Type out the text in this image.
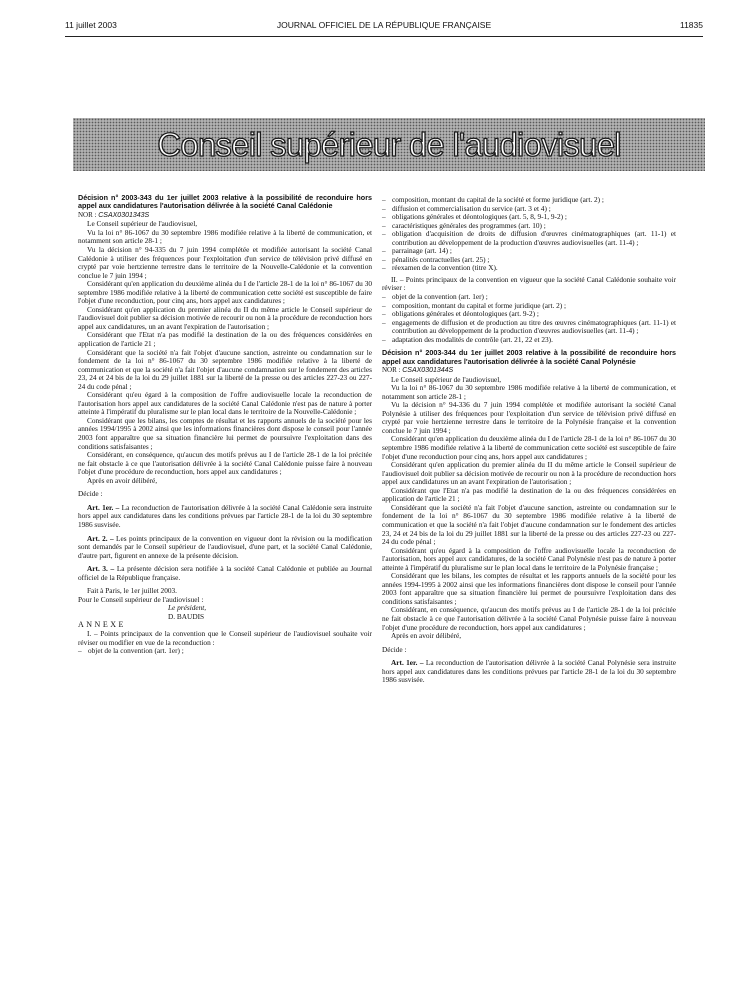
11 juillet 2003	JOURNAL OFFICIEL DE LA RÉPUBLIQUE FRANÇAISE	11835
Conseil supérieur de l'audiovisuel

Décision n° 2003-343 du 1er juillet 2003 relative à la possibilité de reconduire hors appel aux candidatures l'autorisation délivrée à la société Canal Calédonie

NOR : CSAX0301343S

Le Conseil supérieur de l'audiovisuel,

Vu la loi n° 86-1067 du 30 septembre 1986 modifiée relative à la liberté de communication, et notamment son article 28-1 ;

Vu la décision n° 94-335 du 7 juin 1994 complétée et modifiée autorisant la société Canal Calédonie à utiliser des fréquences pour l'exploitation d'un service de télévision privé diffusé en crypté par voie hertzienne terrestre dans le territoire de la Nouvelle-Calédonie et la convention conclue le 7 juin 1994 ;

Considérant qu'en application du deuxième alinéa du I de l'article 28-1 de la loi n° 86-1067 du 30 septembre 1986 modifiée relative à la liberté de communication cette société est susceptible de faire l'objet d'une reconduction, pour cinq ans, hors appel aux candidatures ;

Considérant qu'en application du premier alinéa du II du même article le Conseil supérieur de l'audiovisuel doit publier sa décision motivée de recourir ou non à la procédure de reconduction hors appel aux candidatures, un an avant l'expiration de l'autorisation ;

Considérant que l'Etat n'a pas modifié la destination de la ou des fréquences considérées en application de l'article 21 ;

Considérant que la société n'a fait l'objet d'aucune sanction, astreinte ou condamnation sur le fondement de la loi n° 86-1067 du 30 septembre 1986 modifiée relative à la liberté de communication et que la société n'a fait l'objet d'aucune condamnation sur le fondement des articles 23, 24 et 24 bis de la loi du 29 juillet 1881 sur la liberté de la presse ou des articles 227-23 ou 227-24 du code pénal ;

Considérant qu'eu égard à la composition de l'offre audiovisuelle locale la reconduction de l'autorisation hors appel aux candidatures de la société Canal Calédonie n'est pas de nature à porter atteinte à l'impératif du pluralisme sur le plan local dans le territoire de la Nouvelle-Calédonie ;

Considérant que les bilans, les comptes de résultat et les rapports annuels de la société pour les années 1994/1995 à 2002 ainsi que les informations financières dont dispose le conseil pour l'année 2003 font apparaître que sa situation financière lui permet de poursuivre l'exploitation dans des conditions satisfaisantes ;

Considérant, en conséquence, qu'aucun des motifs prévus au I de l'article 28-1 de la loi précitée ne fait obstacle à ce que l'autorisation délivrée à la société Canal Calédonie puisse faire à nouveau l'objet d'une procédure de reconduction, hors appel aux candidatures ;

Après en avoir délibéré,

Décide :

Art. 1er. – La reconduction de l'autorisation délivrée à la société Canal Calédonie sera instruite hors appel aux candidatures dans les conditions prévues par l'article 28-1 de la loi du 30 septembre 1986 susvisée.

Art. 2. – Les points principaux de la convention en vigueur dont la révision ou la modification sont demandés par le Conseil supérieur de l'audiovisuel, d'une part, et la société Canal Calédonie, d'autre part, figurent en annexe de la présente décision.

Art. 3. – La présente décision sera notifiée à la société Canal Calédonie et publiée au Journal officiel de la République française.

Fait à Paris, le 1er juillet 2003.

Pour le Conseil supérieur de l'audiovisuel :

Le président,

D. BAUDIS

ANNEXE

I. – Points principaux de la convention que le Conseil supérieur de l'audiovisuel souhaite voir réviser ou modifier en vue de la reconduction :

– objet de la convention (art. 1er) ;

– composition, montant du capital de la société et forme juridique (art. 2) ;

– diffusion et commercialisation du service (art. 3 et 4) ;

– obligations générales et déontologiques (art. 5, 8, 9-1, 9-2) ;

– caractéristiques générales des programmes (art. 10) ;

– obligation d'acquisition de droits de diffusion d'œuvres cinématographiques (art. 11-1) et contribution au développement de la production d'œuvres audiovisuelles (art. 11-4) ;

– parrainage (art. 14) ;

– pénalités contractuelles (art. 25) ;

– réexamen de la convention (titre X).

II. – Points principaux de la convention en vigueur que la société Canal Calédonie souhaite voir réviser :

– objet de la convention (art. 1er) ;

– composition, montant du capital et forme juridique (art. 2) ;

– obligations générales et déontologiques (art. 9-2) ;

– engagements de diffusion et de production au titre des œuvres cinématographiques (art. 11-1) et contribution au développement de la production d'œuvres audiovisuelles (art. 11-4) ;

– adaptation des modalités de contrôle (art. 21, 22 et 23).

Décision n° 2003-344 du 1er juillet 2003 relative à la possibilité de reconduire hors appel aux candidatures l'autorisation délivrée à la société Canal Polynésie

NOR : CSAX0301344S

Le Conseil supérieur de l'audiovisuel,

Vu la loi n° 86-1067 du 30 septembre 1986 modifiée relative à la liberté de communication, et notamment son article 28-1 ;

Vu la décision n° 94-336 du 7 juin 1994 complétée et modifiée autorisant la société Canal Polynésie à utiliser des fréquences pour l'exploitation d'un service de télévision privé diffusé en crypté par voie hertzienne terrestre dans le territoire de la Polynésie française et la convention conclue le 7 juin 1994 ;

Considérant qu'en application du deuxième alinéa du I de l'article 28-1 de la loi n° 86-1067 du 30 septembre 1986 modifiée relative à la liberté de communication cette société est susceptible de faire l'objet d'une reconduction pour cinq ans, hors appel aux candidatures ;

Considérant qu'en application du premier alinéa du II du même article le Conseil supérieur de l'audiovisuel doit publier sa décision motivée de recourir ou non à la procédure de reconduction hors appel aux candidatures un an avant l'expiration de l'autorisation ;

Considérant que l'Etat n'a pas modifié la destination de la ou des fréquences considérées en application de l'article 21 ;

Considérant que la société n'a fait l'objet d'aucune sanction, astreinte ou condamnation sur le fondement de la loi n° 86-1067 du 30 septembre 1986 modifiée relative à la liberté de communication et que la société n'a fait l'objet d'aucune condamnation sur le fondement des articles 23, 24 et 24 bis de la loi du 29 juillet 1881 sur la liberté de la presse ou des articles 227-23 ou 227-24 du code pénal ;

Considérant qu'eu égard à la composition de l'offre audiovisuelle locale la reconduction de l'autorisation, hors appel aux candidatures, de la société Canal Polynésie n'est pas de nature à porter atteinte à l'impératif du pluralisme sur le plan local dans le territoire de la Polynésie française ;

Considérant que les bilans, les comptes de résultat et les rapports annuels de la société pour les années 1994-1995 à 2002 ainsi que les informations financières dont dispose le conseil pour l'année 2003 font apparaître que sa situation financière lui permet de poursuivre l'exploitation dans des conditions satisfaisantes ;

Considérant, en conséquence, qu'aucun des motifs prévus au I de l'article 28-1 de la loi précitée ne fait obstacle à ce que l'autorisation délivrée à la société Canal Polynésie puisse faire à nouveau l'objet d'une procédure de reconduction, hors appel aux candidatures ;

Après en avoir délibéré,

Décide :

Art. 1er. – La reconduction de l'autorisation délivrée à la société Canal Polynésie sera instruite hors appel aux candidatures dans les conditions prévues par l'article 28-1 de la loi du 30 septembre 1986 susvisée.
